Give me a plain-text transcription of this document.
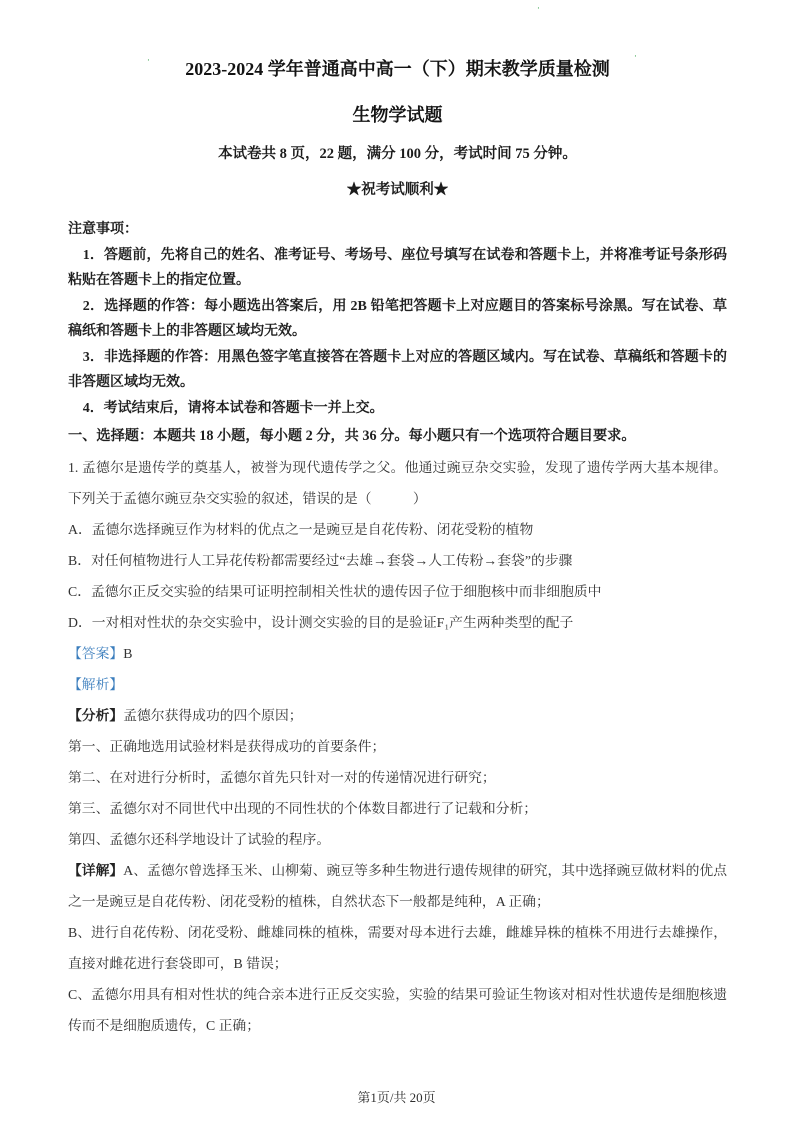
·
·	·
2023-2024 学年普通高中高一（下）期末教学质量检测
生物学试题

本试卷共 8 页，22 题，满分 100 分，考试时间 75 分钟。

★祝考试顺利★

注意事项：

1．答题前，先将自己的姓名、准考证号、考场号、座位号填写在试卷和答题卡上，并将准考证号条形码粘贴在答题卡上的指定位置。

2．选择题的作答：每小题选出答案后，用 2B 铅笔把答题卡上对应题目的答案标号涂黑。写在试卷、草稿纸和答题卡上的非答题区域均无效。

3．非选择题的作答：用黑色签字笔直接答在答题卡上对应的答题区域内。写在试卷、草稿纸和答题卡的非答题区域均无效。

4．考试结束后，请将本试卷和答题卡一并上交。

一、选择题：本题共 18 小题，每小题 2 分，共 36 分。每小题只有一个选项符合题目要求。

1. 孟德尔是遗传学的奠基人，被誉为现代遗传学之父。他通过豌豆杂交实验，发现了遗传学两大基本规律。下列关于孟德尔豌豆杂交实验的叙述，错误的是（　　　）

A．孟德尔选择豌豆作为材料的优点之一是豌豆是自花传粉、闭花受粉的植物

B．对任何植物进行人工异花传粉都需要经过“去雄→套袋→人工传粉→套袋”的步骤

C．孟德尔正反交实验的结果可证明控制相关性状的遗传因子位于细胞核中而非细胞质中

D．一对相对性状的杂交实验中，设计测交实验的目的是验证F₁产生两种类型的配子

【答案】B

【解析】

【分析】孟德尔获得成功的四个原因；

第一、正确地选用试验材料是获得成功的首要条件；

第二、在对进行分析时，孟德尔首先只针对一对的传递情况进行研究；

第三、孟德尔对不同世代中出现的不同性状的个体数目都进行了记载和分析；

第四、孟德尔还科学地设计了试验的程序。

【详解】A、孟德尔曾选择玉米、山柳菊、豌豆等多种生物进行遗传规律的研究，其中选择豌豆做材料的优点之一是豌豆是自花传粉、闭花受粉的植株，自然状态下一般都是纯种，A 正确；

B、进行自花传粉、闭花受粉、雌雄同株的植株，需要对母本进行去雄，雌雄异株的植株不用进行去雄操作，直接对雌花进行套袋即可，B 错误；

C、孟德尔用具有相对性状的纯合亲本进行正反交实验，实验的结果可验证生物该对相对性状遗传是细胞核遗传而不是细胞质遗传，C 正确；

第1页/共 20页
